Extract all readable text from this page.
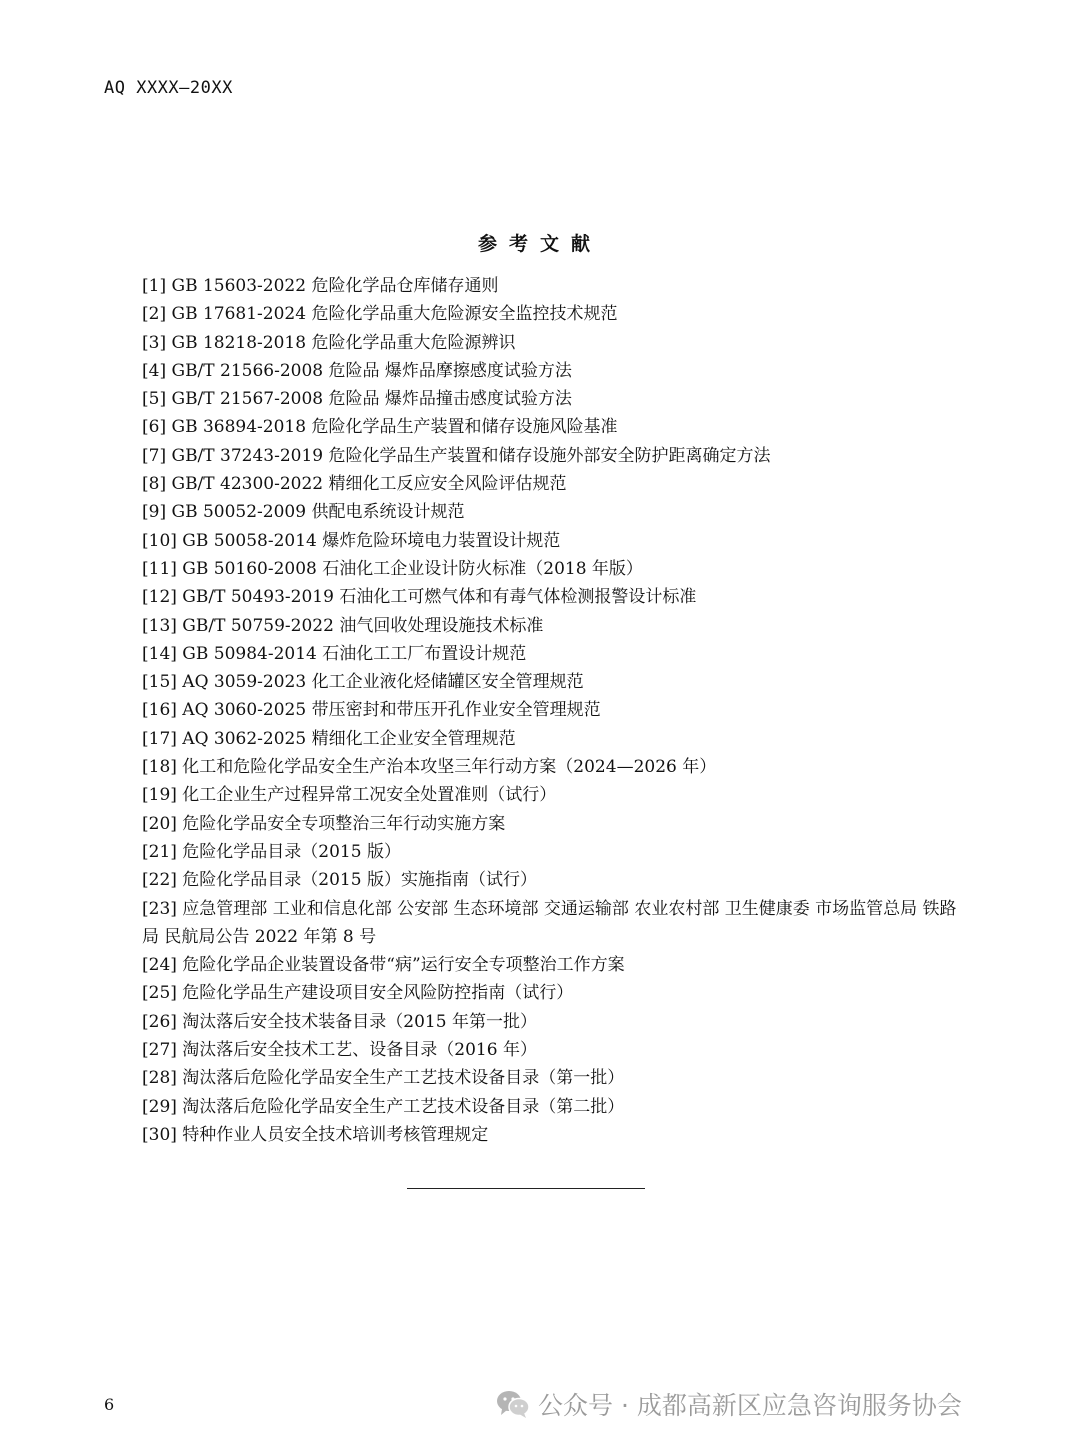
AQ XXXX—20XX
参考文献
[1] GB 15603-2022 危险化学品仓库储存通则
[2] GB 17681-2024 危险化学品重大危险源安全监控技术规范
[3] GB 18218-2018 危险化学品重大危险源辨识
[4] GB/T 21566-2008 危险品 爆炸品摩擦感度试验方法
[5] GB/T 21567-2008 危险品 爆炸品撞击感度试验方法
[6] GB 36894-2018 危险化学品生产装置和储存设施风险基准
[7] GB/T 37243-2019 危险化学品生产装置和储存设施外部安全防护距离确定方法
[8] GB/T 42300-2022 精细化工反应安全风险评估规范
[9] GB 50052-2009 供配电系统设计规范
[10] GB 50058-2014 爆炸危险环境电力装置设计规范
[11] GB 50160-2008 石油化工企业设计防火标准（2018 年版）
[12] GB/T 50493-2019 石油化工可燃气体和有毒气体检测报警设计标准
[13] GB/T 50759-2022 油气回收处理设施技术标准
[14] GB 50984-2014 石油化工工厂布置设计规范
[15] AQ 3059-2023 化工企业液化烃储罐区安全管理规范
[16] AQ 3060-2025 带压密封和带压开孔作业安全管理规范
[17] AQ 3062-2025 精细化工企业安全管理规范
[18] 化工和危险化学品安全生产治本攻坚三年行动方案（2024—2026 年）
[19] 化工企业生产过程异常工况安全处置准则（试行）
[20] 危险化学品安全专项整治三年行动实施方案
[21] 危险化学品目录（2015 版）
[22] 危险化学品目录（2015 版）实施指南（试行）
[23] 应急管理部 工业和信息化部 公安部 生态环境部 交通运输部 农业农村部 卫生健康委 市场监管总局 铁路局 民航局公告 2022 年第 8 号
[24] 危险化学品企业装置设备带“病”运行安全专项整治工作方案
[25] 危险化学品生产建设项目安全风险防控指南（试行）
[26] 淘汰落后安全技术装备目录（2015 年第一批）
[27] 淘汰落后安全技术工艺、设备目录（2016 年）
[28] 淘汰落后危险化学品安全生产工艺技术设备目录（第一批）
[29] 淘汰落后危险化学品安全生产工艺技术设备目录（第二批）
[30] 特种作业人员安全技术培训考核管理规定
6	公众号 · 成都高新区应急咨询服务协会
